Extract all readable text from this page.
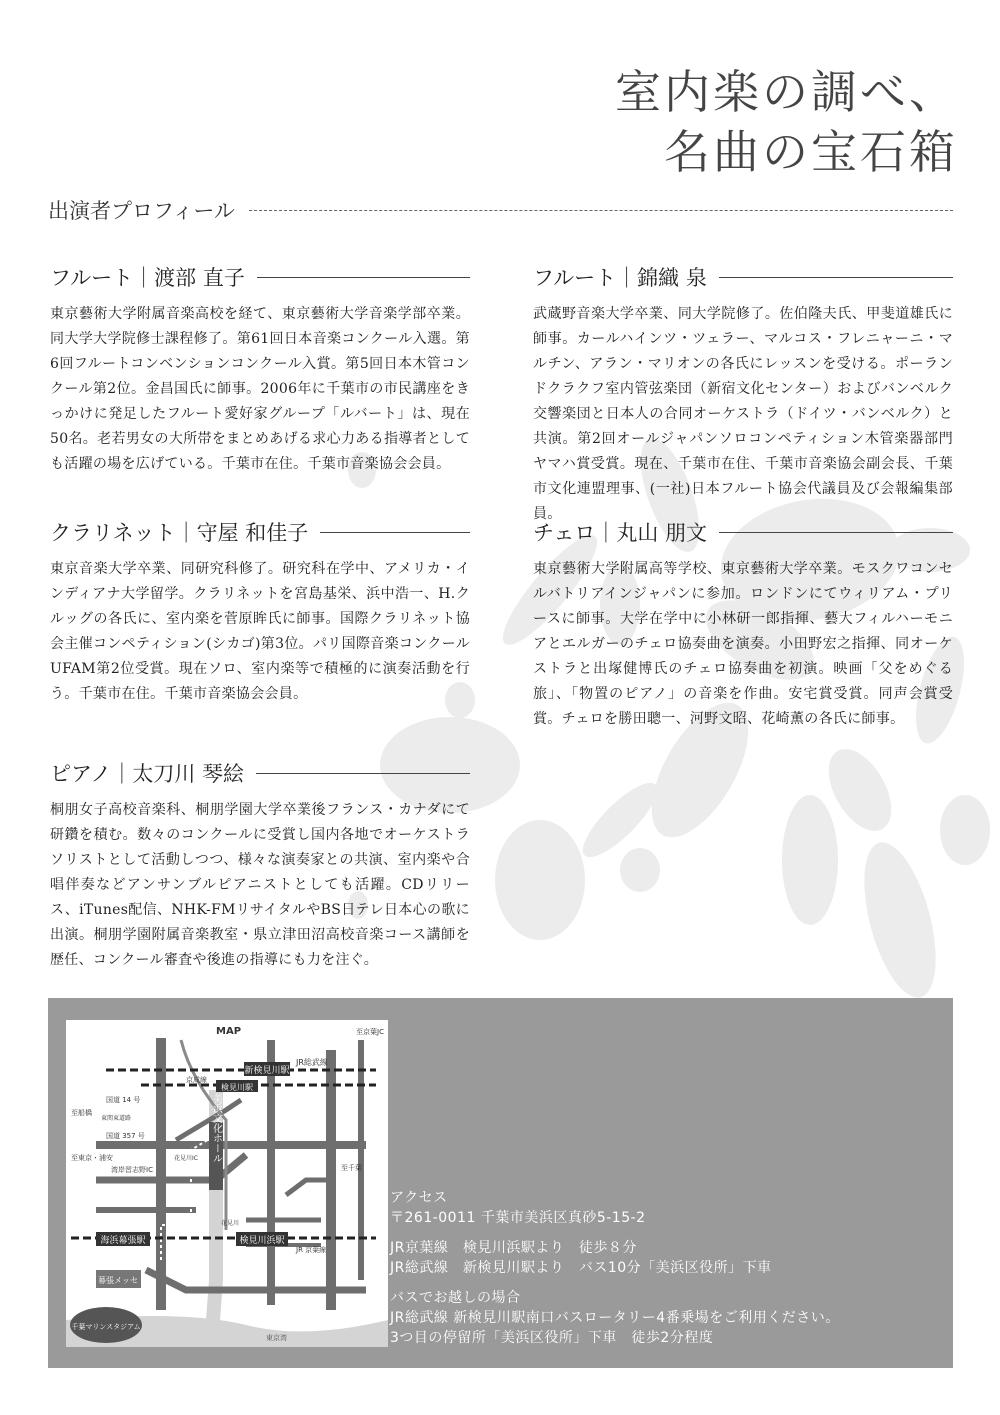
室内楽の調べ、
名曲の宝石箱
出演者プロフィール
フルート｜渡部 直子
東京藝術大学附属音楽高校を経て、東京藝術大学音楽学部卒業。同大学大学院修士課程修了。第61回日本音楽コンクール入選。第6回フルートコンベンションコンクール入賞。第5回日本木管コンクール第2位。金昌国氏に師事。2006年に千葉市の市民講座をきっかけに発足したフルート愛好家グループ「ルバート」は、現在50名。老若男女の大所帯をまとめあげる求心力ある指導者としても活躍の場を広げている。千葉市在住。千葉市音楽協会会員。
フルート｜錦織 泉
武蔵野音楽大学卒業、同大学院修了。佐伯隆夫氏、甲斐道雄氏に師事。カールハインツ・ツェラー、マルコス・フレニャーニ・マルチン、アラン・マリオンの各氏にレッスンを受ける。ポーランドクラクフ室内管弦楽団（新宿文化センター）およびバンベルク交響楽団と日本人の合同オーケストラ（ドイツ・バンベルク）と共演。第2回オールジャパンソロコンペティション木管楽器部門ヤマハ賞受賞。現在、千葉市在住、千葉市音楽協会副会長、千葉市文化連盟理事、(一社)日本フルート協会代議員及び会報編集部員。
クラリネット｜守屋 和佳子
東京音楽大学卒業、同研究科修了。研究科在学中、アメリカ・インディアナ大学留学。クラリネットを宮島基栄、浜中浩一、H.クルッグの各氏に、室内楽を菅原眸氏に師事。国際クラリネット協会主催コンペティション(シカゴ)第3位。パリ国際音楽コンクールUFAM第2位受賞。現在ソロ、室内楽等で積極的に演奏活動を行う。千葉市在住。千葉市音楽協会会員。
チェロ｜丸山 朋文
東京藝術大学附属高等学校、東京藝術大学卒業。モスクワコンセルバトリアインジャパンに参加。ロンドンにてウィリアム・プリースに師事。大学在学中に小林研一郎指揮、藝大フィルハーモニアとエルガーのチェロ協奏曲を演奏。小田野宏之指揮、同オーケストラと出塚健博氏のチェロ協奏曲を初演。映画「父をめぐる旅」、「物置のピアノ」の音楽を作曲。安宅賞受賞。同声会賞受賞。チェロを勝田聰一、河野文昭、花崎薫の各氏に師事。
ピアノ｜太刀川 琴絵
桐朋女子高校音楽科、桐朋学園大学卒業後フランス・カナダにて研鑽を積む。数々のコンクールに受賞し国内各地でオーケストラソリストとして活動しつつ、様々な演奏家との共演、室内楽や合唱伴奏などアンサンブルピアニストとしても活躍。CDリリース、iTunes配信、NHK-FMリサイタルやBS日テレ日本心の歌に出演。桐朋学園附属音楽教室・県立津田沼高校音楽コース講師を歴任、コンクール審査や後進の指導にも力を注ぐ。
美浜文化ホール
新検見川駅
検見川駅
海浜幕張駅	検見川浜駅
幕張メッセ
千葉マリンスタジアム
MAP
JR総武線
京成線
国道 14 号
国道 357 号
至船橋
至東京・浦安
東関東道路
湾岸習志野IC
花見川IC
花見川
JR 京葉線
至京葉JC
至千葉
東京湾
アクセス
〒261-0011 千葉市美浜区真砂5-15-2
JR京葉線　検見川浜駅より　徒歩８分
JR総武線　新検見川駅より　バス10分「美浜区役所」下車
バスでお越しの場合
JR総武線 新検見川駅南口バスロータリー4番乗場をご利用ください。
3つ目の停留所「美浜区役所」下車　徒歩2分程度
